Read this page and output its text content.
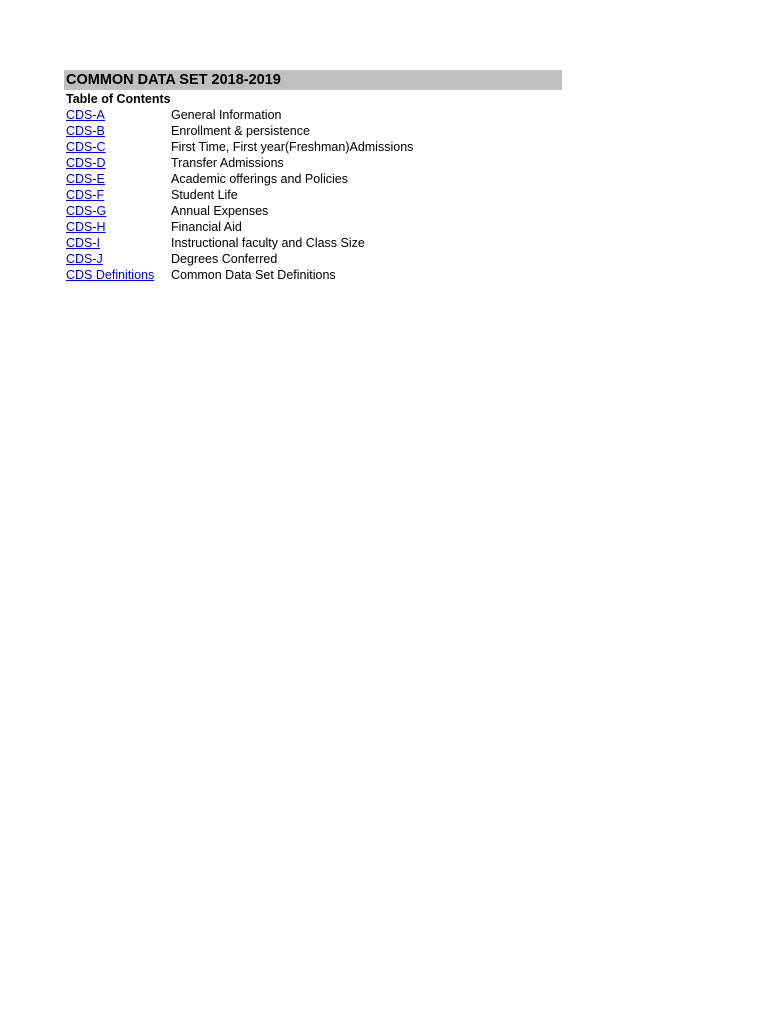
COMMON DATA SET 2018-2019
Table of Contents
CDS-A	General Information
CDS-B	Enrollment & persistence
CDS-C	First Time, First year(Freshman)Admissions
CDS-D	Transfer Admissions
CDS-E	Academic offerings and Policies
CDS-F	Student Life
CDS-G	Annual Expenses
CDS-H	Financial Aid
CDS-I	Instructional faculty and Class Size
CDS-J	Degrees Conferred
CDS Definitions	Common Data Set Definitions
